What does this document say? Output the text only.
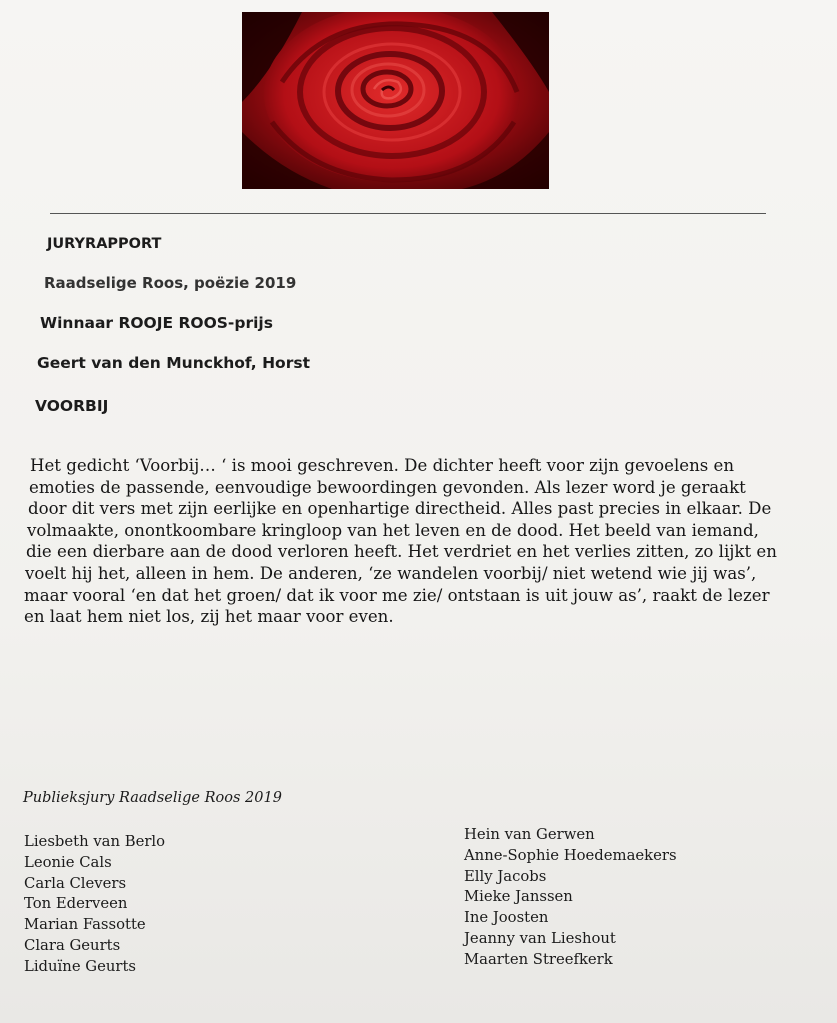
JURYRAPPORT
Raadselige Roos, poëzie 2019
Winnaar ROOJE ROOS-prijs
Geert van den Munckhof, Horst
VOORBIJ
Het gedicht ‘Voorbij… ‘ is mooi geschreven. De dichter heeft voor zijn gevoelens en
emoties de passende, eenvoudige bewoordingen gevonden. Als lezer word je geraakt
door dit vers met zijn eerlijke en openhartige directheid. Alles past precies in elkaar. De
volmaakte, onontkoombare kringloop van het leven en de dood. Het beeld van iemand,
die een dierbare aan de dood verloren heeft. Het verdriet en het verlies zitten, zo lijkt en
voelt hij het, alleen in hem. De anderen, ‘ze wandelen voorbij/ niet wetend wie jij was’,
maar vooral ‘en dat het groen/ dat ik voor me zie/ ontstaan is uit jouw as’, raakt de lezer
en laat hem niet los, zij het maar voor even.
Publieksjury Raadselige Roos 2019
Liesbeth van Berlo
Leonie Cals
Carla Clevers
Ton Ederveen
Marian Fassotte
Clara Geurts
Liduïne Geurts
Hein van Gerwen
Anne-Sophie Hoedemaekers
Elly Jacobs
Mieke Janssen
Ine Joosten
Jeanny van Lieshout
Maarten Streefkerk
